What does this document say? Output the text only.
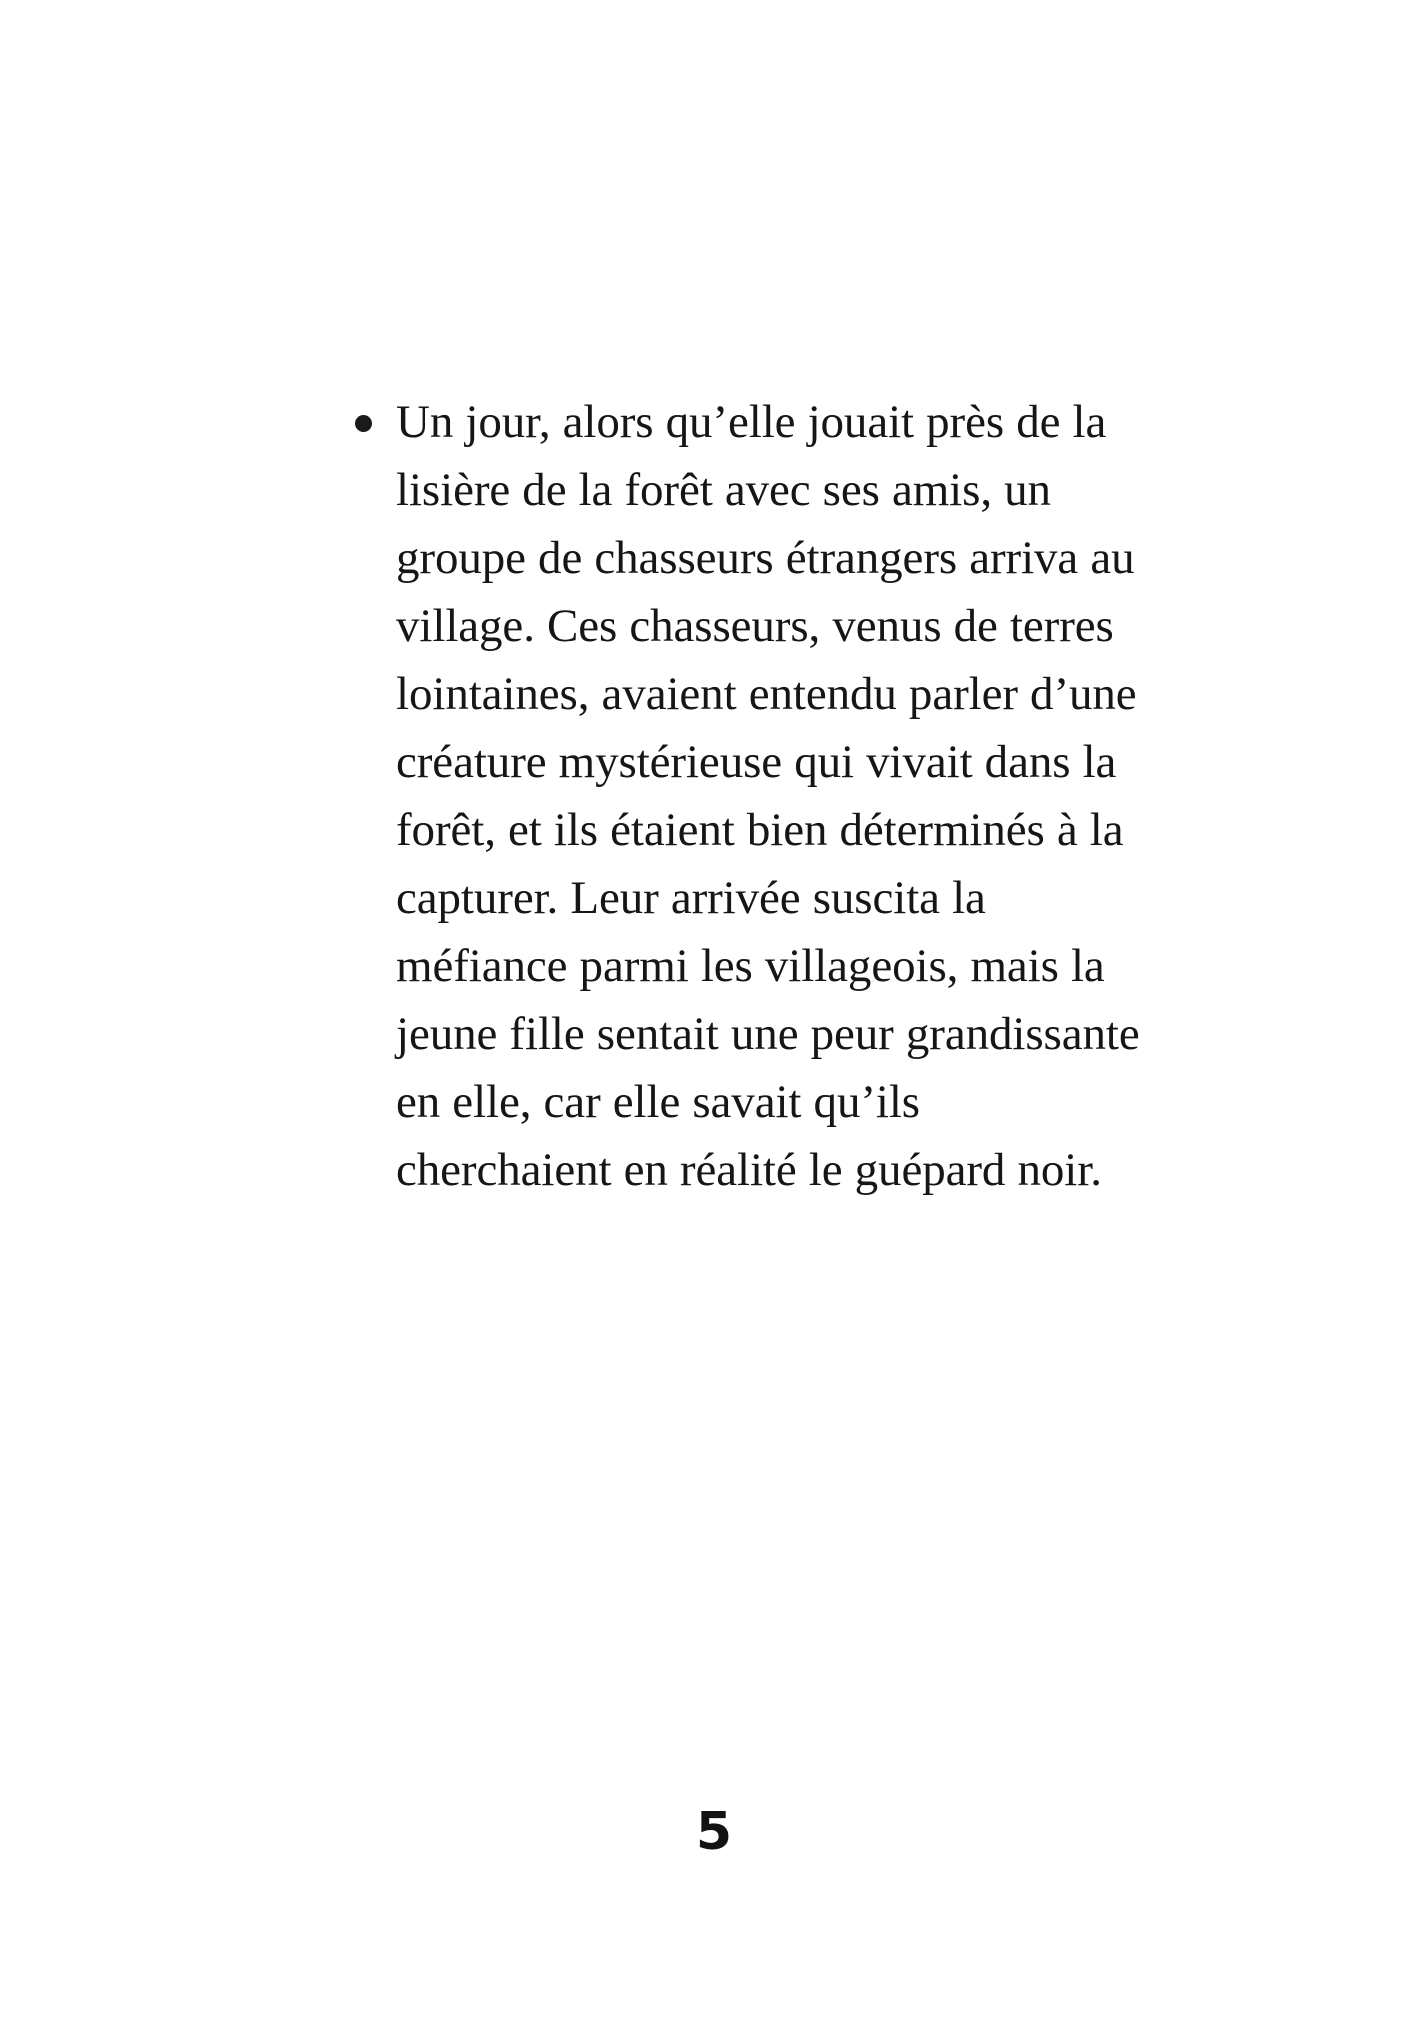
Un jour, alors qu’elle jouait près de la lisière de la forêt avec ses amis, un groupe de chasseurs étrangers arriva au village. Ces chasseurs, venus de terres lointaines, avaient entendu parler d’une créature mystérieuse qui vivait dans la forêt, et ils étaient bien déterminés à la capturer. Leur arrivée suscita la méfiance parmi les villageois, mais la jeune fille sentait une peur grandissante en elle, car elle savait qu’ils cherchaient en réalité le guépard noir.
5
